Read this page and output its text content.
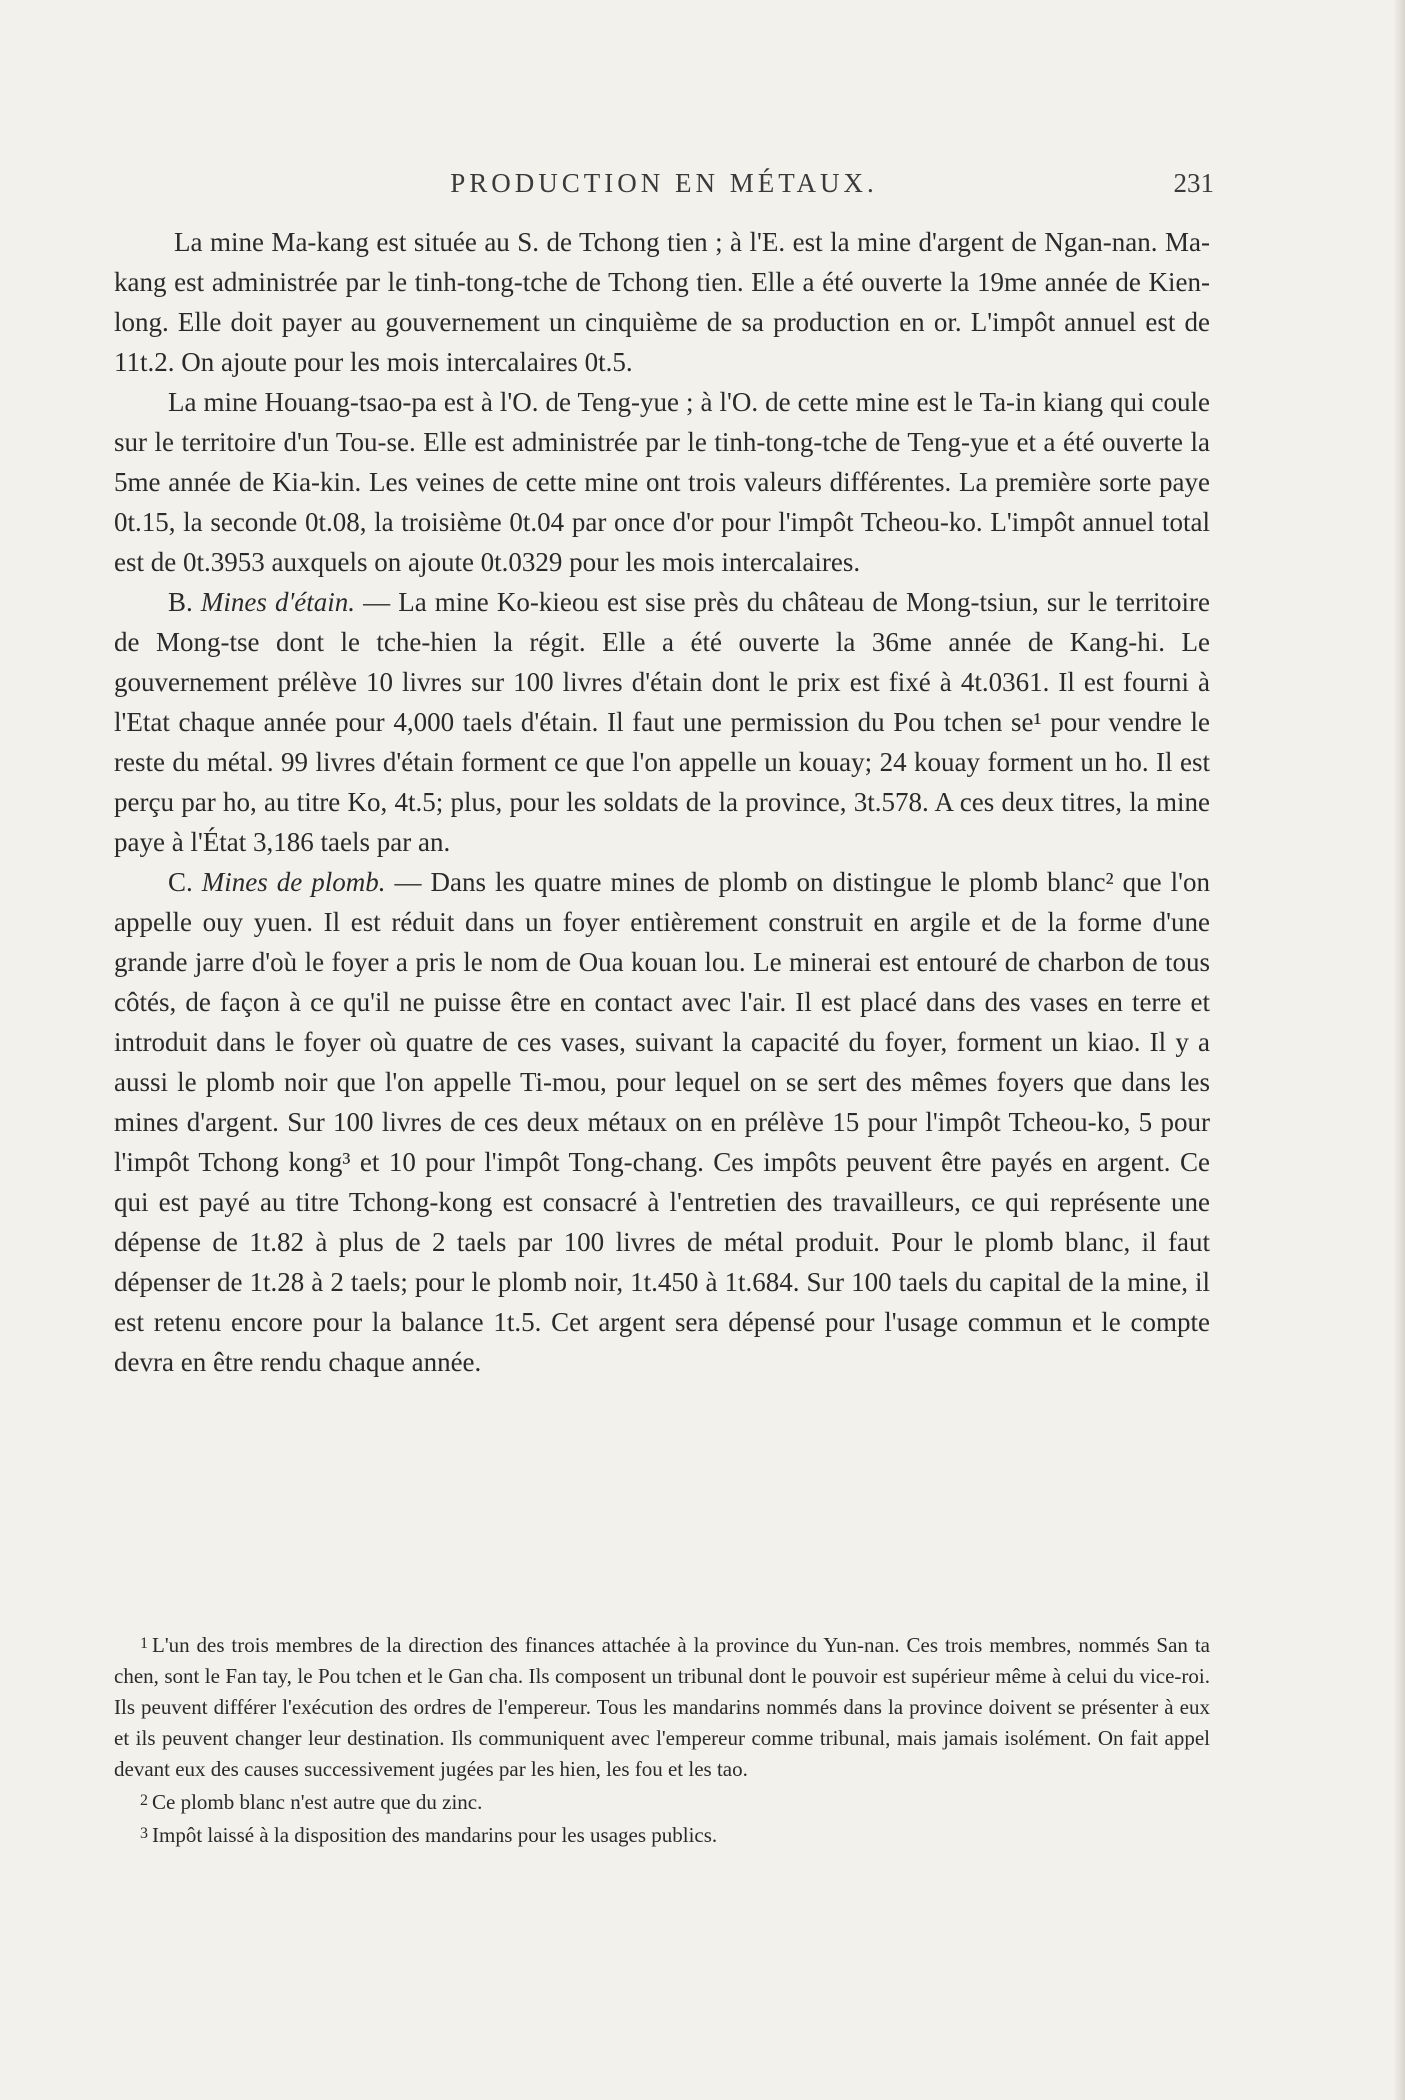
PRODUCTION EN MÉTAUX.	231

La mine Ma-kang est située au S. de Tchong tien ; à l'E. est la mine d'argent de Ngan-nan. Ma-kang est administrée par le tinh-tong-tche de Tchong tien. Elle a été ouverte la 19me année de Kien-long. Elle doit payer au gouvernement un cinquième de sa production en or. L'impôt annuel est de 11t.2. On ajoute pour les mois intercalaires 0t.5.

La mine Houang-tsao-pa est à l'O. de Teng-yue ; à l'O. de cette mine est le Ta-in kiang qui coule sur le territoire d'un Tou-se. Elle est administrée par le tinh-tong-tche de Teng-yue et a été ouverte la 5me année de Kia-kin. Les veines de cette mine ont trois valeurs différentes. La première sorte paye 0t.15, la seconde 0t.08, la troisième 0t.04 par once d'or pour l'impôt Tcheou-ko. L'impôt annuel total est de 0t.3953 auxquels on ajoute 0t.0329 pour les mois intercalaires.

B. Mines d'étain. — La mine Ko-kieou est sise près du château de Mong-tsiun, sur le territoire de Mong-tse dont le tche-hien la régit. Elle a été ouverte la 36me année de Kang-hi. Le gouvernement prélève 10 livres sur 100 livres d'étain dont le prix est fixé à 4t.0361. Il est fourni à l'Etat chaque année pour 4,000 taels d'étain. Il faut une permission du Pou tchen se¹ pour vendre le reste du métal. 99 livres d'étain forment ce que l'on appelle un kouay; 24 kouay forment un ho. Il est perçu par ho, au titre Ko, 4t.5; plus, pour les soldats de la province, 3t.578. A ces deux titres, la mine paye à l'État 3,186 taels par an.

C. Mines de plomb. — Dans les quatre mines de plomb on distingue le plomb blanc² que l'on appelle ouy yuen. Il est réduit dans un foyer entièrement construit en argile et de la forme d'une grande jarre d'où le foyer a pris le nom de Oua kouan lou. Le minerai est entouré de charbon de tous côtés, de façon à ce qu'il ne puisse être en contact avec l'air. Il est placé dans des vases en terre et introduit dans le foyer où quatre de ces vases, suivant la capacité du foyer, forment un kiao. Il y a aussi le plomb noir que l'on appelle Ti-mou, pour lequel on se sert des mêmes foyers que dans les mines d'argent. Sur 100 livres de ces deux métaux on en prélève 15 pour l'impôt Tcheou-ko, 5 pour l'impôt Tchong kong³ et 10 pour l'impôt Tong-chang. Ces impôts peuvent être payés en argent. Ce qui est payé au titre Tchong-kong est consacré à l'entretien des travailleurs, ce qui représente une dépense de 1t.82 à plus de 2 taels par 100 livres de métal produit. Pour le plomb blanc, il faut dépenser de 1t.28 à 2 taels; pour le plomb noir, 1t.450 à 1t.684. Sur 100 taels du capital de la mine, il est retenu encore pour la balance 1t.5. Cet argent sera dépensé pour l'usage commun et le compte devra en être rendu chaque année.

1 L'un des trois membres de la direction des finances attachée à la province du Yun-nan. Ces trois membres, nommés San ta chen, sont le Fan tay, le Pou tchen et le Gan cha. Ils composent un tribunal dont le pouvoir est supérieur même à celui du vice-roi. Ils peuvent différer l'exécution des ordres de l'empereur. Tous les mandarins nommés dans la province doivent se présenter à eux et ils peuvent changer leur destination. Ils communiquent avec l'empereur comme tribunal, mais jamais isolément. On fait appel devant eux des causes successivement jugées par les hien, les fou et les tao.

2 Ce plomb blanc n'est autre que du zinc.

3 Impôt laissé à la disposition des mandarins pour les usages publics.
